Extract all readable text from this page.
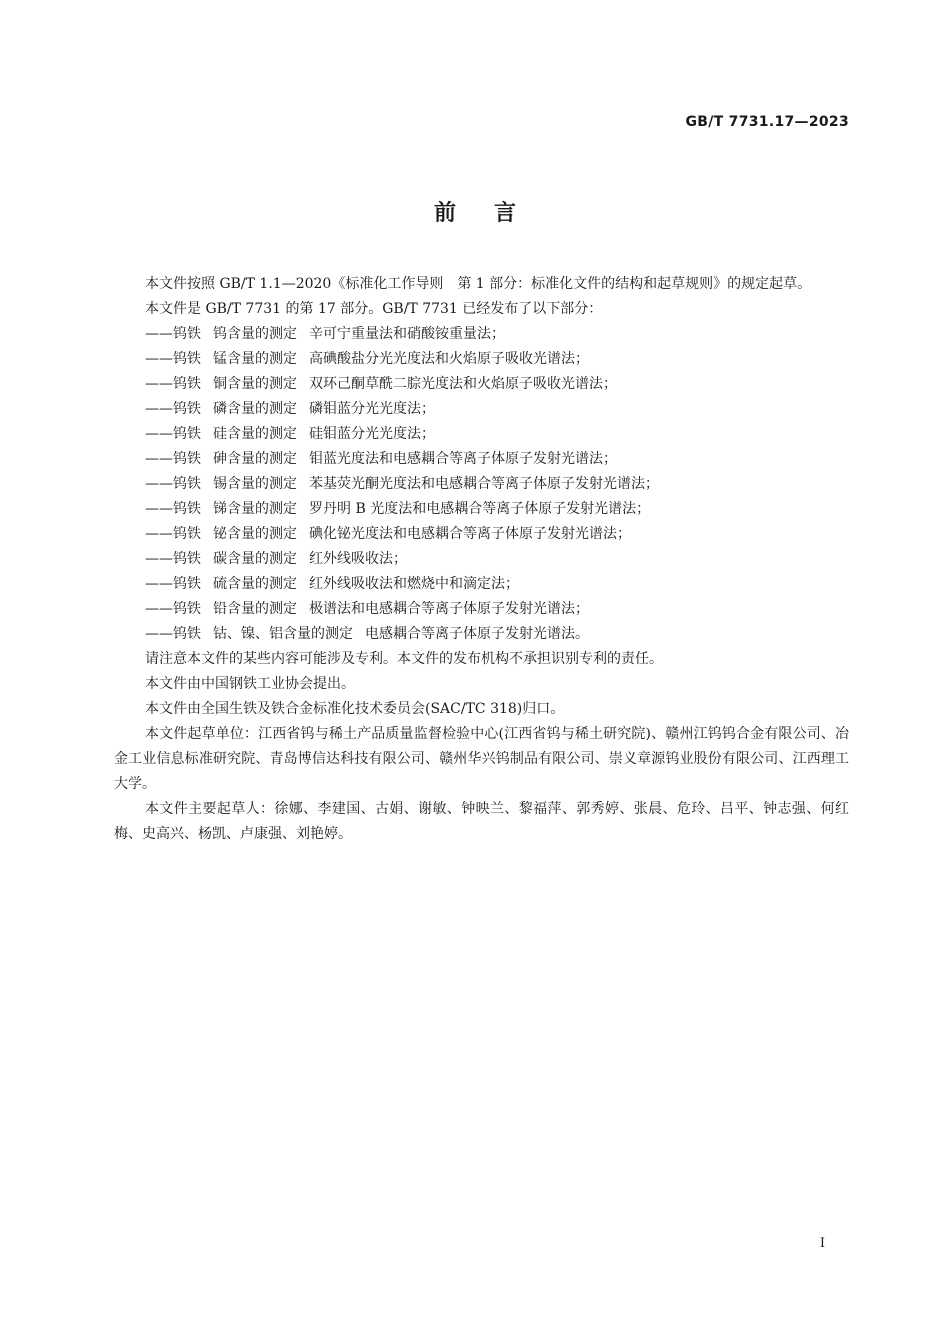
GB/T 7731.17—2023
前言

本文件按照 GB/T 1.1—2020《标准化工作导则　第 1 部分：标准化文件的结构和起草规则》的规定起草。

本文件是 GB/T 7731 的第 17 部分。GB/T 7731 已经发布了以下部分：

——钨铁 钨含量的测定 辛可宁重量法和硝酸铵重量法；
——钨铁 锰含量的测定 高碘酸盐分光光度法和火焰原子吸收光谱法；
——钨铁 铜含量的测定 双环己酮草酰二腙光度法和火焰原子吸收光谱法；
——钨铁 磷含量的测定 磷钼蓝分光光度法；
——钨铁 硅含量的测定 硅钼蓝分光光度法；
——钨铁 砷含量的测定 钼蓝光度法和电感耦合等离子体原子发射光谱法；
——钨铁 锡含量的测定 苯基荧光酮光度法和电感耦合等离子体原子发射光谱法；
——钨铁 锑含量的测定 罗丹明 B 光度法和电感耦合等离子体原子发射光谱法；
——钨铁 铋含量的测定 碘化铋光度法和电感耦合等离子体原子发射光谱法；
——钨铁 碳含量的测定 红外线吸收法；
——钨铁 硫含量的测定 红外线吸收法和燃烧中和滴定法；
——钨铁 铅含量的测定 极谱法和电感耦合等离子体原子发射光谱法；
——钨铁 钴、镍、铝含量的测定 电感耦合等离子体原子发射光谱法。

请注意本文件的某些内容可能涉及专利。本文件的发布机构不承担识别专利的责任。

本文件由中国钢铁工业协会提出。

本文件由全国生铁及铁合金标准化技术委员会(SAC/TC 318)归口。

本文件起草单位：江西省钨与稀土产品质量监督检验中心(江西省钨与稀土研究院)、赣州江钨钨合金有限公司、冶金工业信息标准研究院、青岛博信达科技有限公司、赣州华兴钨制品有限公司、崇义章源钨业股份有限公司、江西理工大学。

本文件主要起草人：徐娜、李建国、古娟、谢敏、钟映兰、黎福萍、郭秀婷、张晨、危玲、吕平、钟志强、何红梅、史高兴、杨凯、卢康强、刘艳婷。

I
